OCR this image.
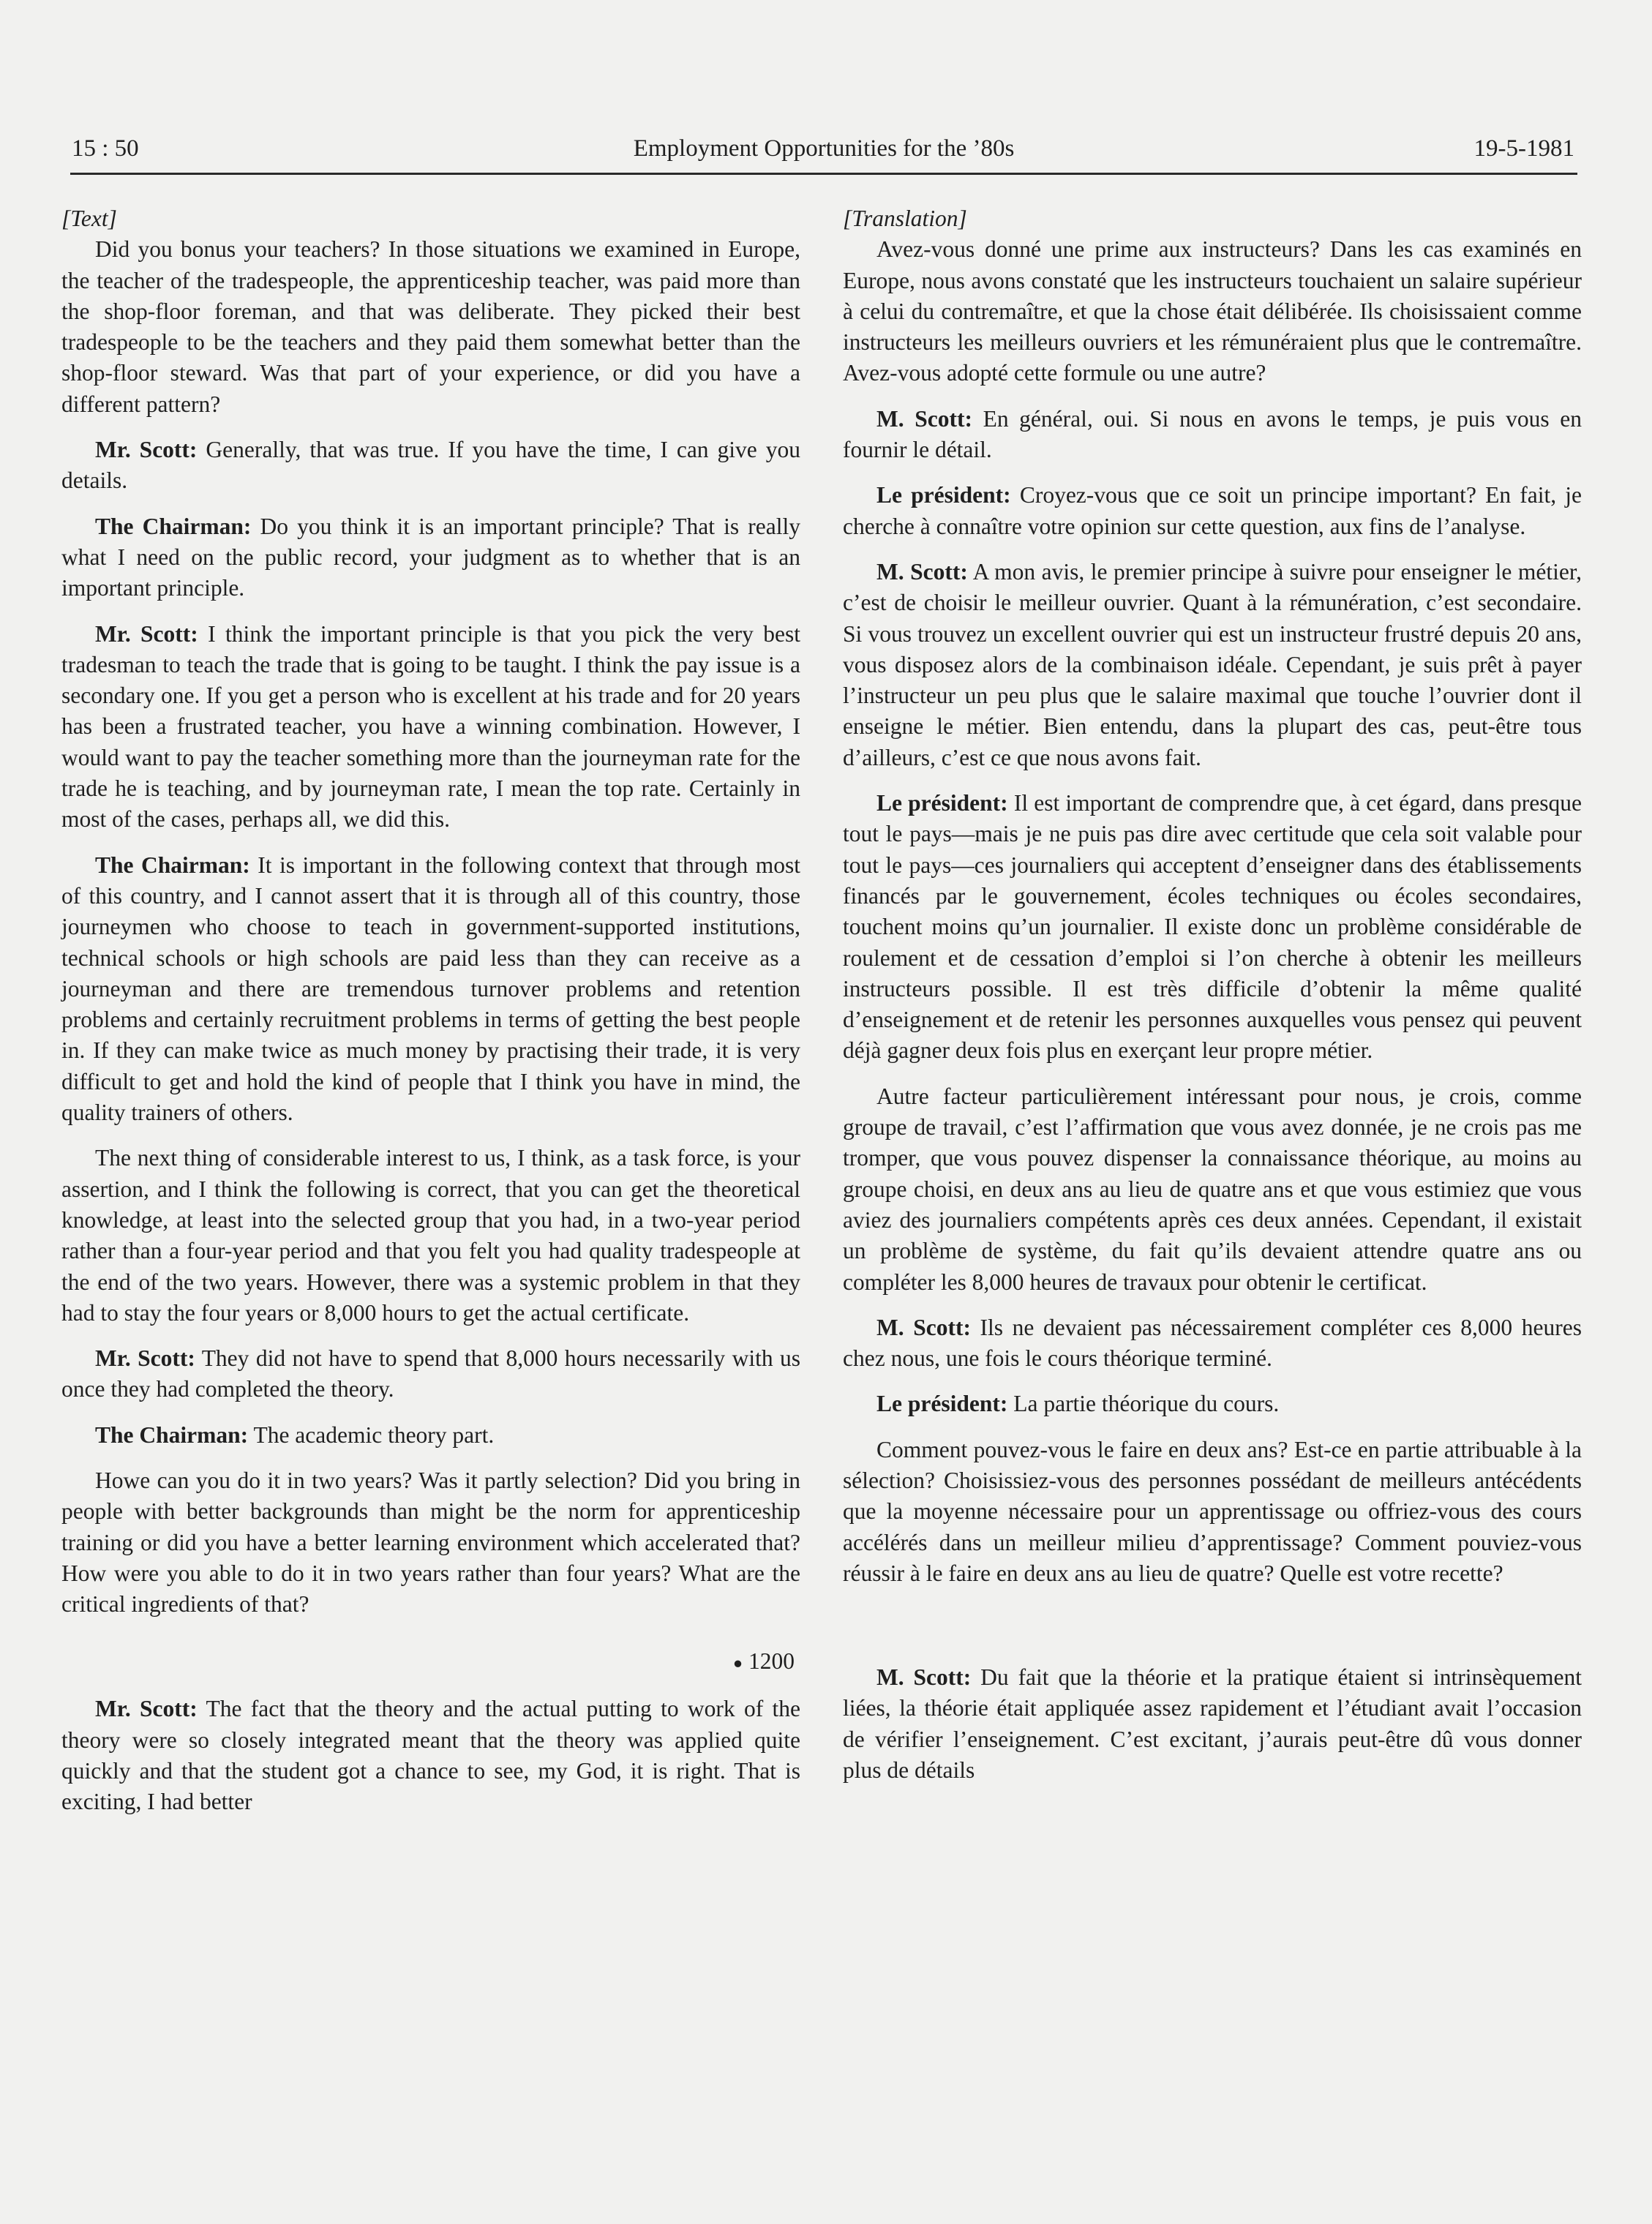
15 : 50	Employment Opportunities for the ’80s	19-5-1981

[Text]

Did you bonus your teachers? In those situations we examined in Europe, the teacher of the tradespeople, the apprenticeship teacher, was paid more than the shop-floor foreman, and that was deliberate. They picked their best tradespeople to be the teachers and they paid them somewhat better than the shop-floor steward. Was that part of your experience, or did you have a different pattern?

Mr. Scott: Generally, that was true. If you have the time, I can give you details.

The Chairman: Do you think it is an important principle? That is really what I need on the public record, your judgment as to whether that is an important principle.

Mr. Scott: I think the important principle is that you pick the very best tradesman to teach the trade that is going to be taught. I think the pay issue is a secondary one. If you get a person who is excellent at his trade and for 20 years has been a frustrated teacher, you have a winning combination. However, I would want to pay the teacher something more than the journeyman rate for the trade he is teaching, and by journeyman rate, I mean the top rate. Certainly in most of the cases, perhaps all, we did this.

The Chairman: It is important in the following context that through most of this country, and I cannot assert that it is through all of this country, those journeymen who choose to teach in government-supported institutions, technical schools or high schools are paid less than they can receive as a journeyman and there are tremendous turnover problems and retention problems and certainly recruitment problems in terms of getting the best people in. If they can make twice as much money by practising their trade, it is very difficult to get and hold the kind of people that I think you have in mind, the quality trainers of others.

The next thing of considerable interest to us, I think, as a task force, is your assertion, and I think the following is correct, that you can get the theoretical knowledge, at least into the selected group that you had, in a two-year period rather than a four-year period and that you felt you had quality tradespeople at the end of the two years. However, there was a systemic problem in that they had to stay the four years or 8,000 hours to get the actual certificate.

Mr. Scott: They did not have to spend that 8,000 hours necessarily with us once they had completed the theory.

The Chairman: The academic theory part.

Howe can you do it in two years? Was it partly selection? Did you bring in people with better backgrounds than might be the norm for apprenticeship training or did you have a better learning environment which accelerated that? How were you able to do it in two years rather than four years? What are the critical ingredients of that?

● 1200

Mr. Scott: The fact that the theory and the actual putting to work of the theory were so closely integrated meant that the theory was applied quite quickly and that the student got a chance to see, my God, it is right. That is exciting, I had better

[Translation]

Avez-vous donné une prime aux instructeurs? Dans les cas examinés en Europe, nous avons constaté que les instructeurs touchaient un salaire supérieur à celui du contremaître, et que la chose était délibérée. Ils choisissaient comme instructeurs les meilleurs ouvriers et les rémunéraient plus que le contremaître. Avez-vous adopté cette formule ou une autre?

M. Scott: En général, oui. Si nous en avons le temps, je puis vous en fournir le détail.

Le président: Croyez-vous que ce soit un principe important? En fait, je cherche à connaître votre opinion sur cette question, aux fins de l’analyse.

M. Scott: A mon avis, le premier principe à suivre pour enseigner le métier, c’est de choisir le meilleur ouvrier. Quant à la rémunération, c’est secondaire. Si vous trouvez un excellent ouvrier qui est un instructeur frustré depuis 20 ans, vous disposez alors de la combinaison idéale. Cependant, je suis prêt à payer l’instructeur un peu plus que le salaire maximal que touche l’ouvrier dont il enseigne le métier. Bien entendu, dans la plupart des cas, peut-être tous d’ailleurs, c’est ce que nous avons fait.

Le président: Il est important de comprendre que, à cet égard, dans presque tout le pays—mais je ne puis pas dire avec certitude que cela soit valable pour tout le pays—ces journaliers qui acceptent d’enseigner dans des établissements financés par le gouvernement, écoles techniques ou écoles secondaires, touchent moins qu’un journalier. Il existe donc un problème considérable de roulement et de cessation d’emploi si l’on cherche à obtenir les meilleurs instructeurs possible. Il est très difficile d’obtenir la même qualité d’enseignement et de retenir les personnes auxquelles vous pensez qui peuvent déjà gagner deux fois plus en exerçant leur propre métier.

Autre facteur particulièrement intéressant pour nous, je crois, comme groupe de travail, c’est l’affirmation que vous avez donnée, je ne crois pas me tromper, que vous pouvez dispenser la connaissance théorique, au moins au groupe choisi, en deux ans au lieu de quatre ans et que vous estimiez que vous aviez des journaliers compétents après ces deux années. Cependant, il existait un problème de système, du fait qu’ils devaient attendre quatre ans ou compléter les 8,000 heures de travaux pour obtenir le certificat.

M. Scott: Ils ne devaient pas nécessairement compléter ces 8,000 heures chez nous, une fois le cours théorique terminé.

Le président: La partie théorique du cours.

Comment pouvez-vous le faire en deux ans? Est-ce en partie attribuable à la sélection? Choisissiez-vous des personnes possédant de meilleurs antécédents que la moyenne nécessaire pour un apprentissage ou offriez-vous des cours accélérés dans un meilleur milieu d’apprentissage? Comment pouviez-vous réussir à le faire en deux ans au lieu de quatre? Quelle est votre recette?

M. Scott: Du fait que la théorie et la pratique étaient si intrinsèquement liées, la théorie était appliquée assez rapidement et l’étudiant avait l’occasion de vérifier l’enseignement. C’est excitant, j’aurais peut-être dû vous donner plus de détails
